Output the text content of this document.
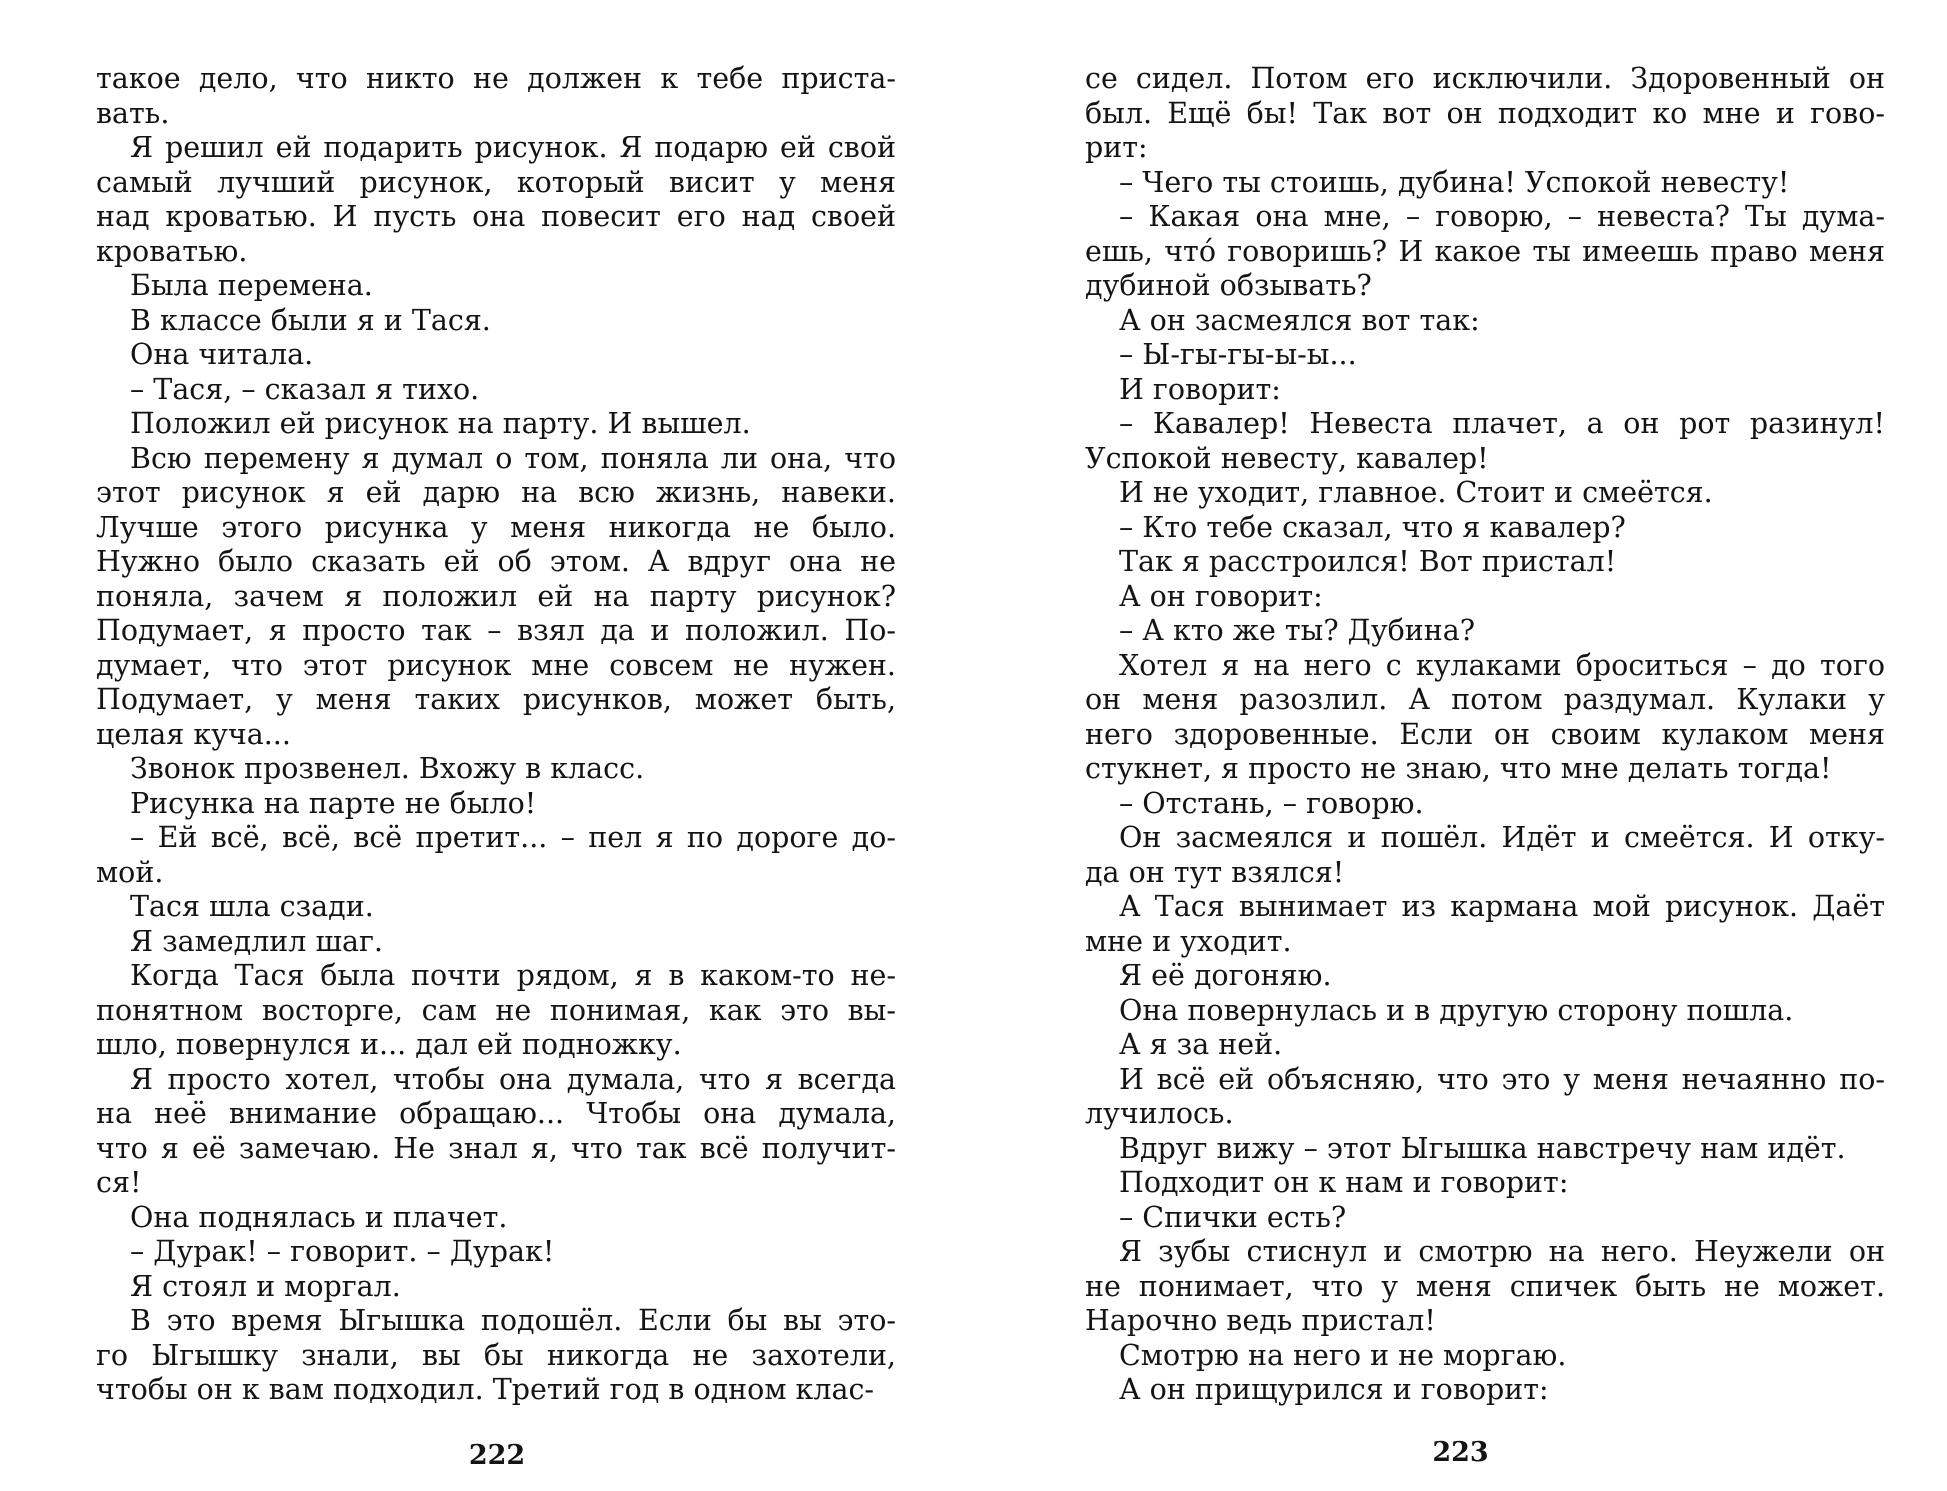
такое дело, что никто не должен к тебе приста-
вать.
Я решил ей подарить рисунок. Я подарю ей свой
самый лучший рисунок, который висит у меня
над кроватью. И пусть она повесит его над своей
кроватью.
Была перемена.
В классе были я и Тася.
Она читала.
– Тася, – сказал я тихо.
Положил ей рисунок на парту. И вышел.
Всю перемену я думал о том, поняла ли она, что
этот рисунок я ей дарю на всю жизнь, навеки.
Лучше этого рисунка у меня никогда не было.
Нужно было сказать ей об этом. А вдруг она не
поняла, зачем я положил ей на парту рисунок?
Подумает, я просто так – взял да и положил. По-
думает, что этот рисунок мне совсем не нужен.
Подумает, у меня таких рисунков, может быть,
целая куча...
Звонок прозвенел. Вхожу в класс.
Рисунка на парте не было!
– Ей всё, всё, всё претит... – пел я по дороге до-
мой.
Тася шла сзади.
Я замедлил шаг.
Когда Тася была почти рядом, я в каком-то не-
понятном восторге, сам не понимая, как это вы-
шло, повернулся и... дал ей подножку.
Я просто хотел, чтобы она думала, что я всегда
на неё внимание обращаю... Чтобы она думала,
что я её замечаю. Не знал я, что так всё получит-
ся!
Она поднялась и плачет.
– Дурак! – говорит. – Дурак!
Я стоял и моргал.
В это время Ыгышка подошёл. Если бы вы это-
го Ыгышку знали, вы бы никогда не захотели,
чтобы он к вам подходил. Третий год в одном клас-
222
се сидел. Потом его исключили. Здоровенный он
был. Ещё бы! Так вот он подходит ко мне и гово-
рит:
– Чего ты стоишь, дубина! Успокой невесту!
– Какая она мне, – говорю, – невеста? Ты дума-
ешь, что́ говоришь? И какое ты имеешь право меня
дубиной обзывать?
А он засмеялся вот так:
– Ы-гы-гы-ы-ы...
И говорит:
– Кавалер! Невеста плачет, а он рот разинул!
Успокой невесту, кавалер!
И не уходит, главное. Стоит и смеётся.
– Кто тебе сказал, что я кавалер?
Так я расстроился! Вот пристал!
А он говорит:
– А кто же ты? Дубина?
Хотел я на него с кулаками броситься – до того
он меня разозлил. А потом раздумал. Кулаки у
него здоровенные. Если он своим кулаком меня
стукнет, я просто не знаю, что мне делать тогда!
– Отстань, – говорю.
Он засмеялся и пошёл. Идёт и смеётся. И отку-
да он тут взялся!
А Тася вынимает из кармана мой рисунок. Даёт
мне и уходит.
Я её догоняю.
Она повернулась и в другую сторону пошла.
А я за ней.
И всё ей объясняю, что это у меня нечаянно по-
лучилось.
Вдруг вижу – этот Ыгышка навстречу нам идёт.
Подходит он к нам и говорит:
– Спички есть?
Я зубы стиснул и смотрю на него. Неужели он
не понимает, что у меня спичек быть не может.
Нарочно ведь пристал!
Смотрю на него и не моргаю.
А он прищурился и говорит:
223
